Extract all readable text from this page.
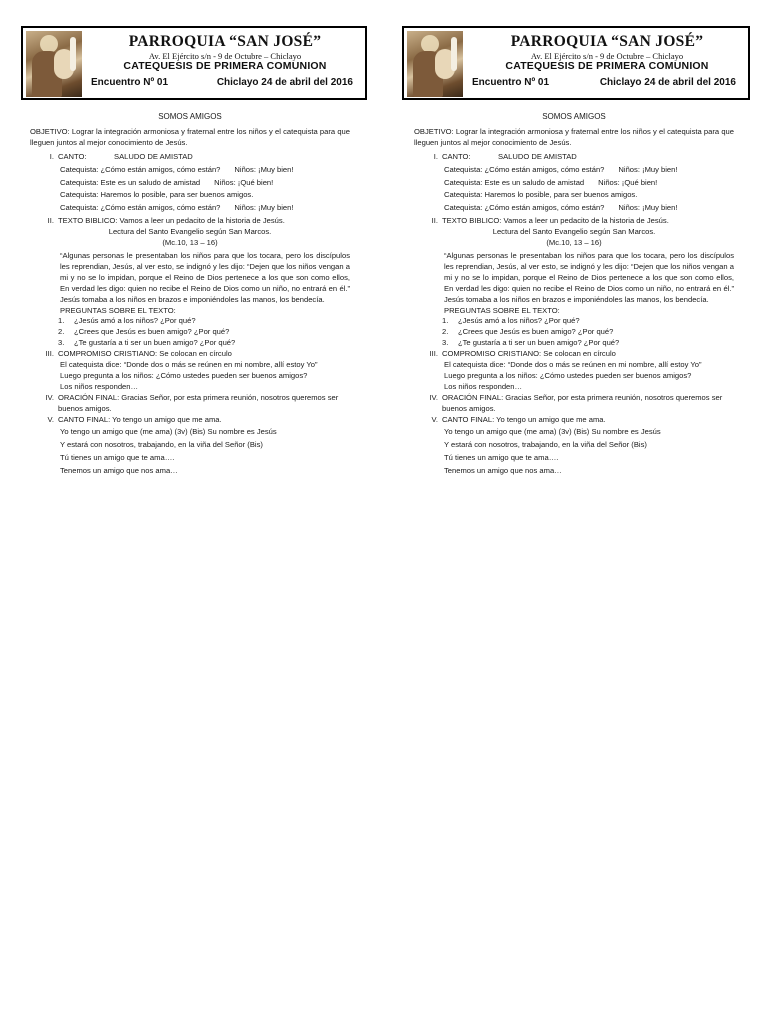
PARROQUIA “SAN JOSÉ”
Av. El Ejército s/n - 9 de Octubre – Chiclayo
CATEQUESIS DE PRIMERA COMUNION
Encuentro Nº 01	Chiclayo 24 de abril del 2016
SOMOS AMIGOS
OBJETIVO: Lograr la integración armoniosa y fraternal entre los niños y el catequista para que lleguen juntos al mejor conocimiento de Jesús.
I. CANTO:	SALUDO DE AMISTAD
Catequista: ¿Cómo están amigos, cómo están? Niños: ¡Muy bien!
Catequista: Este es un saludo de amistad Niños: ¡Qué bien!
Catequista: Haremos lo posible, para ser buenos amigos.
Catequista: ¿Cómo están amigos, cómo están? Niños: ¡Muy bien!
II. TEXTO BIBLICO: Vamos a leer un pedacito de la historia de Jesús.
Lectura del Santo Evangelio según San Marcos.
(Mc.10, 13 – 16)
“Algunas personas le presentaban los niños para que los tocara, pero los discípulos les reprendian, Jesús, al ver esto, se indignó y les dijo: “Dejen que los niños vengan a mi y no se lo impidan, porque el Reino de Dios pertenece a los que son como ellos, En verdad les digo: quien no recibe el Reino de Dios como un niño, no entrará en él.” Jesús tomaba a los niños en brazos e imponiéndoles las manos, los bendecía.
PREGUNTAS SOBRE EL TEXTO:
1.	¿Jesús amó a los niños? ¿Por qué?
2.	¿Crees que Jesús es buen amigo? ¿Por qué?
3.	¿Te gustaría a ti ser un buen amigo? ¿Por qué?
III. COMPROMISO CRISTIANO: Se colocan en círculo
El catequista dice: “Donde dos o más se reúnen en mi nombre, allí estoy Yo”
Luego pregunta a los niños: ¿Cómo ustedes pueden ser buenos amigos?
Los niños responden…
IV. ORACIÓN FINAL: Gracias Señor, por esta primera reunión, nosotros queremos ser buenos amigos.
V. CANTO FINAL: Yo tengo un amigo que me ama.
Yo tengo un amigo que (me ama) (3v) (Bis) Su nombre es Jesús
Y estará con nosotros, trabajando, en la viña del Señor (Bis)
Tú tienes un amigo que te ama….
Tenemos un amigo que nos ama…
PARROQUIA “SAN JOSÉ”
Av. El Ejército s/n - 9 de Octubre – Chiclayo
CATEQUESIS DE PRIMERA COMUNION
Encuentro Nº 01	Chiclayo 24 de abril del 2016
SOMOS AMIGOS
OBJETIVO: Lograr la integración armoniosa y fraternal entre los niños y el catequista para que lleguen juntos al mejor conocimiento de Jesús.
I. CANTO:	SALUDO DE AMISTAD
Catequista: ¿Cómo están amigos, cómo están? Niños: ¡Muy bien!
Catequista: Este es un saludo de amistad Niños: ¡Qué bien!
Catequista: Haremos lo posible, para ser buenos amigos.
Catequista: ¿Cómo están amigos, cómo están? Niños: ¡Muy bien!
II. TEXTO BIBLICO: Vamos a leer un pedacito de la historia de Jesús.
Lectura del Santo Evangelio según San Marcos.
(Mc.10, 13 – 16)
“Algunas personas le presentaban los niños para que los tocara, pero los discípulos les reprendian, Jesús, al ver esto, se indignó y les dijo: “Dejen que los niños vengan a mi y no se lo impidan, porque el Reino de Dios pertenece a los que son como ellos, En verdad les digo: quien no recibe el Reino de Dios como un niño, no entrará en él.” Jesús tomaba a los niños en brazos e imponiéndoles las manos, los bendecía.
PREGUNTAS SOBRE EL TEXTO:
1.	¿Jesús amó a los niños? ¿Por qué?
2.	¿Crees que Jesús es buen amigo? ¿Por qué?
3.	¿Te gustaría a ti ser un buen amigo? ¿Por qué?
III. COMPROMISO CRISTIANO: Se colocan en círculo
El catequista dice: “Donde dos o más se reúnen en mi nombre, allí estoy Yo”
Luego pregunta a los niños: ¿Cómo ustedes pueden ser buenos amigos?
Los niños responden…
IV. ORACIÓN FINAL: Gracias Señor, por esta primera reunión, nosotros queremos ser buenos amigos.
V. CANTO FINAL: Yo tengo un amigo que me ama.
Yo tengo un amigo que (me ama) (3v) (Bis) Su nombre es Jesús
Y estará con nosotros, trabajando, en la viña del Señor (Bis)
Tú tienes un amigo que te ama….
Tenemos un amigo que nos ama…
